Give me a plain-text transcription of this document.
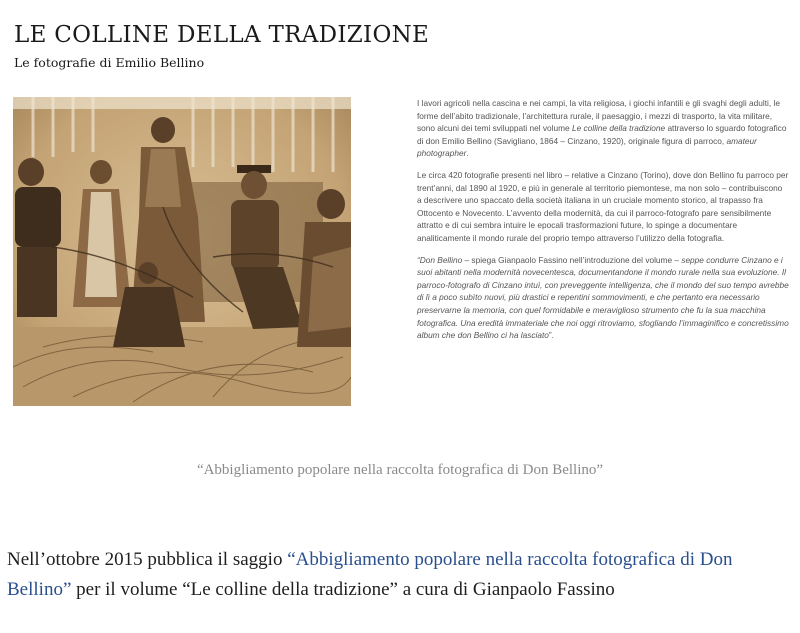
LE COLLINE DELLA TRADIZIONE
Le fotografie di Emilio Bellino

I lavori agricoli nella cascina e nei campi, la vita religiosa, i giochi infantili e gli svaghi degli adulti, le forme dell’abito tradizionale, l’architettura rurale, il paesaggio, i mezzi di trasporto, la vita militare, sono alcuni dei temi sviluppati nel volume Le colline della tradizione attraverso lo sguardo fotografico di don Emilio Bellino (Savigliano, 1864 – Cinzano, 1920), originale figura di parroco, amateur photographer.

Le circa 420 fotografie presenti nel libro – relative a Cinzano (Torino), dove don Bellino fu parroco per trent’anni, dal 1890 al 1920, e più in generale al territorio piemontese, ma non solo – contribuiscono a descrivere uno spaccato della società italiana in un cruciale momento storico, al trapasso fra Ottocento e Novecento. L’avvento della modernità, da cui il parroco-fotografo pare sensibilmente attratto e di cui sembra intuire le epocali trasformazioni future, lo spinge a documentare analiticamente il mondo rurale del proprio tempo attraverso l’utilizzo della fotografia.

“Don Bellino – spiega Gianpaolo Fassino nell’introduzione del volume – seppe condurre Cinzano e i suoi abitanti nella modernità novecentesca, documentandone il mondo rurale nella sua evoluzione. Il parroco-fotografo di Cinzano intuì, con preveggente intelligenza, che il mondo del suo tempo avrebbe di lì a poco subìto nuovi, più drastici e repentini sommovimenti, e che pertanto era necessario preservarne la memoria, con quel formidabile e meraviglioso strumento che fu la sua macchina fotografica. Una eredità immateriale che noi oggi ritroviamo, sfogliando l’immaginifico e concretissimo album che don Bellino ci ha lasciato”.

“Abbigliamento popolare nella raccolta fotografica di Don Bellino”
Nell’ottobre 2015 pubblica il saggio “Abbigliamento popolare nella raccolta fotografica di Don Bellino” per il volume “Le colline della tradizione” a cura di Gianpaolo Fassino
